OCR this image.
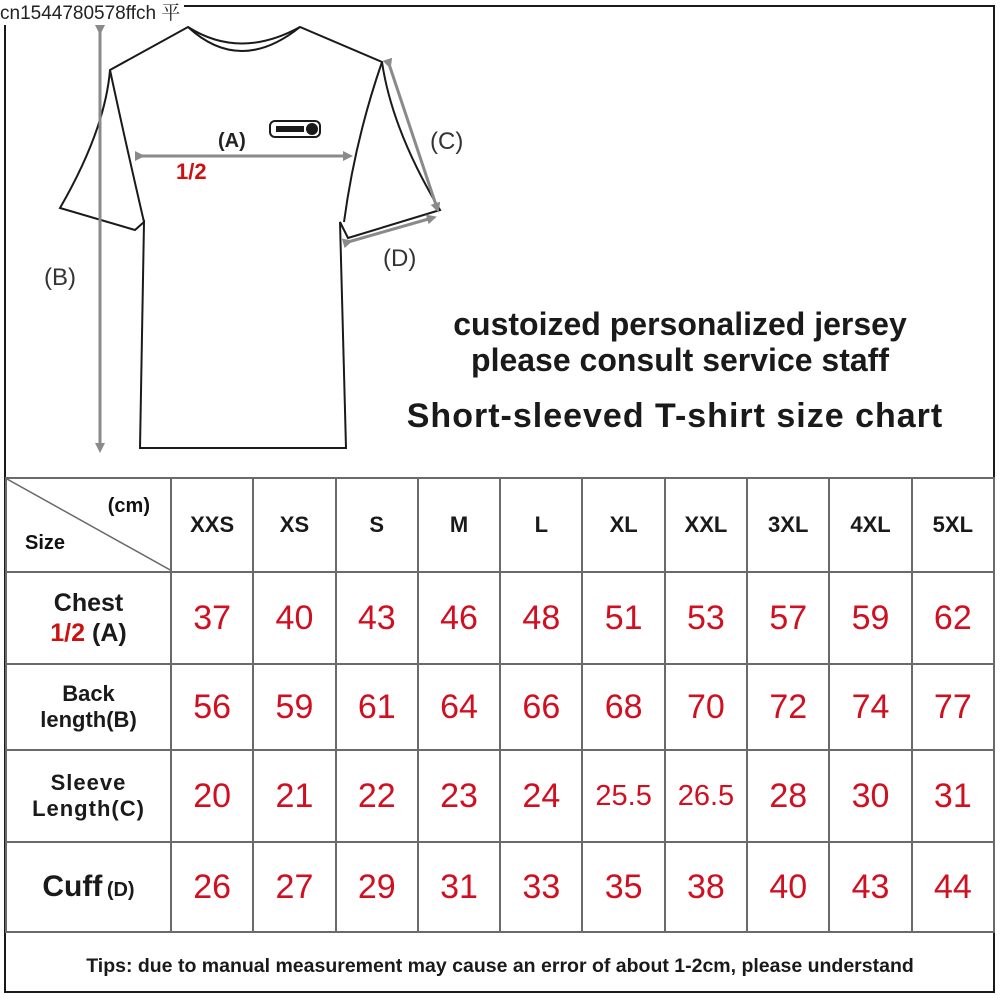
cn1544780578ffch 平
(A)
1/2
(B)
(C)
(D)
custoized personalized jersey
please consult service staff
Short-sleeved T-shirt size chart
(cm)
Size	XXS	XS	S	M	L	XL	XXL	3XL	4XL	5XL

Chest
1/2 (A)	37	40	43	46	48	51	53	57	59	62

Back
length(B)	56	59	61	64	66	68	70	72	74	77

Sleeve
Length(C)	20	21	22	23	24	25.5	26.5	28	30	31

Cuff (D)	26	27	29	31	33	35	38	40	43	44
Tips: due to manual measurement may cause an error of about 1-2cm, please understand
